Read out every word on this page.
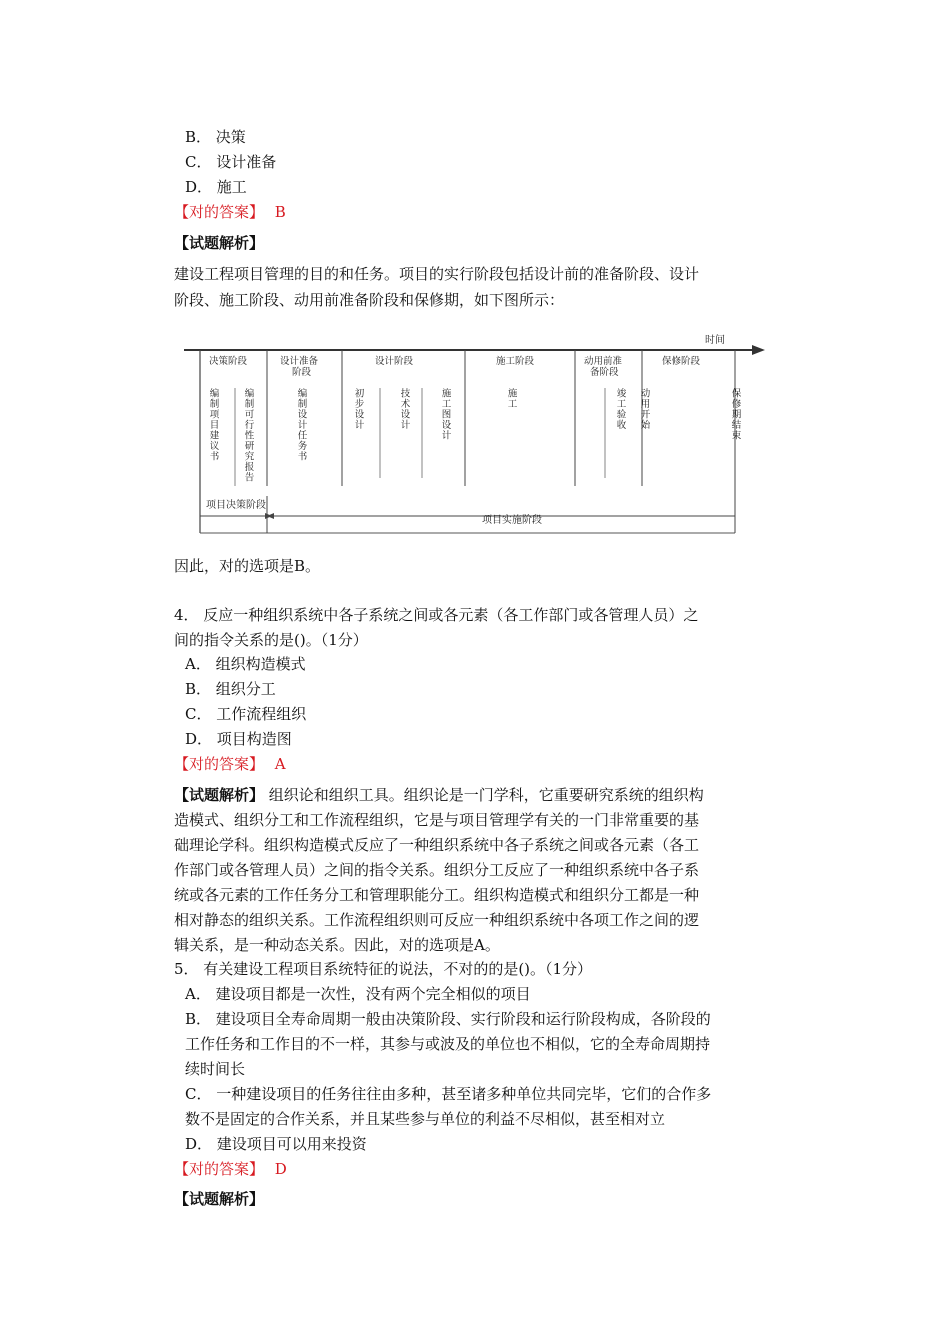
B． 决策
C． 设计准备
D． 施工
【对的答案】 B
【试题解析】
建设工程项目管理的目的和任务。项目的实行阶段包括设计前的准备阶段、设计
阶段、施工阶段、动用前准备阶段和保修期，如下图所示：
时间
决策阶段	设计准备
阶段
设计阶段	施工阶段	动用前准
备阶段
保修阶段
编制项目建议书	编制可行性研究报告	编制设计任务书	初步设计	技术设计	施工图设计	施工	竣工验收 动用开始	保修期结束
项目决策阶段
项目实施阶段
因此，对的选项是B。
4． 反应一种组织系统中各子系统之间或各元素（各工作部门或各管理人员）之
间的指令关系的是()。（1分）
A． 组织构造模式
B． 组织分工
C． 工作流程组织
D． 项目构造图
【对的答案】 A
【试题解析】 组织论和组织工具。组织论是一门学科，它重要研究系统的组织构
造模式、组织分工和工作流程组织，它是与项目管理学有关的一门非常重要的基
础理论学科。组织构造模式反应了一种组织系统中各子系统之间或各元素（各工
作部门或各管理人员）之间的指令关系。组织分工反应了一种组织系统中各子系
统或各元素的工作任务分工和管理职能分工。组织构造模式和组织分工都是一种
相对静态的组织关系。工作流程组织则可反应一种组织系统中各项工作之间的逻
辑关系，是一种动态关系。因此，对的选项是A。
5． 有关建设工程项目系统特征的说法，不对的的是()。（1分）
A． 建设项目都是一次性，没有两个完全相似的项目
B． 建设项目全寿命周期一般由决策阶段、实行阶段和运行阶段构成，各阶段的
工作任务和工作目的不一样，其参与或波及的单位也不相似，它的全寿命周期持
续时间长
C． 一种建设项目的任务往往由多种，甚至诸多种单位共同完毕，它们的合作多
数不是固定的合作关系，并且某些参与单位的利益不尽相似，甚至相对立
D． 建设项目可以用来投资
【对的答案】 D
【试题解析】
